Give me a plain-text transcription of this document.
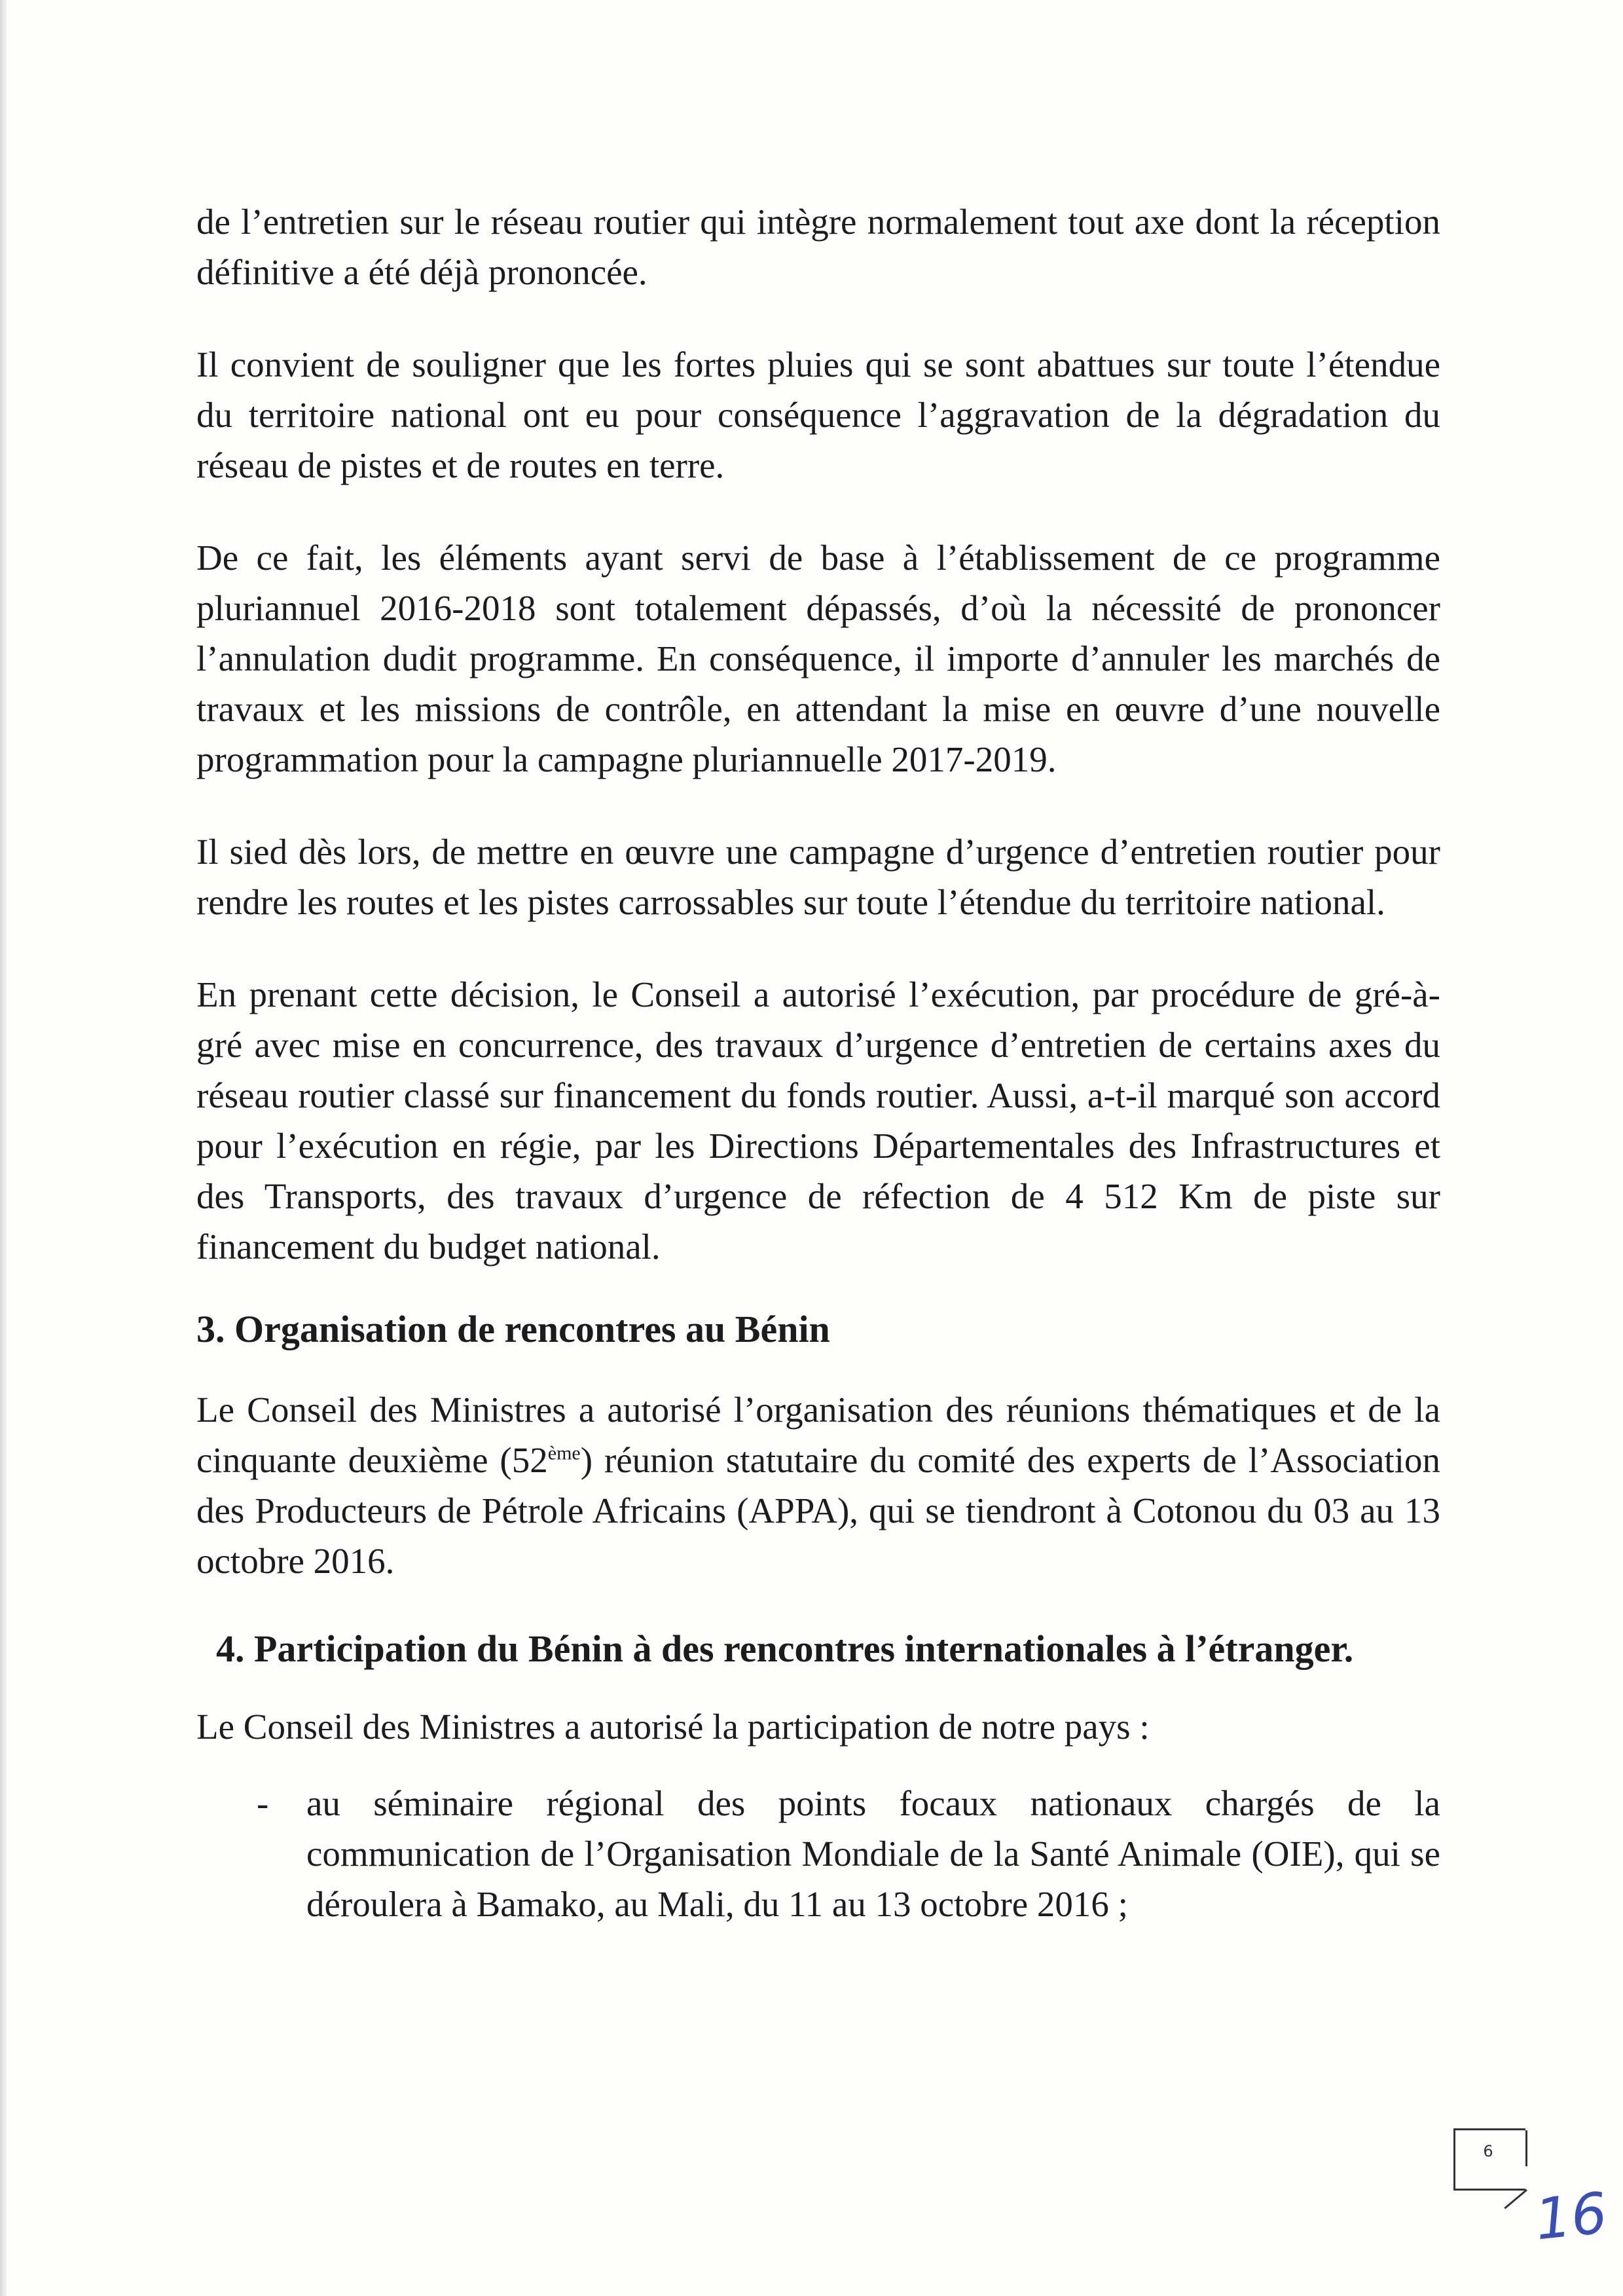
de l’entretien sur le réseau routier qui intègre normalement tout axe dont la réception définitive a été déjà prononcée.

Il convient de souligner que les fortes pluies qui se sont abattues sur toute l’étendue du territoire national ont eu pour conséquence l’aggravation de la dégradation du réseau de pistes et de routes en terre.

De ce fait, les éléments ayant servi de base à l’établissement de ce programme pluriannuel 2016-2018 sont totalement dépassés, d’où la nécessité de prononcer l’annulation dudit programme. En conséquence, il importe d’annuler les marchés de travaux et les missions de contrôle, en attendant la mise en œuvre d’une nouvelle programmation pour la campagne pluriannuelle 2017-2019.

Il sied dès lors, de mettre en œuvre une campagne d’urgence d’entretien routier pour rendre les routes et les pistes carrossables sur toute l’étendue du territoire national.

En prenant cette décision, le Conseil a autorisé l’exécution, par procédure de gré-à-gré avec mise en concurrence, des travaux d’urgence d’entretien de certains axes du réseau routier classé sur financement du fonds routier. Aussi, a-t-il marqué son accord pour l’exécution en régie, par les Directions Départementales des Infrastructures et des Transports, des travaux d’urgence de réfection de 4 512 Km de piste sur financement du budget national.

3. Organisation de rencontres au Bénin

Le Conseil des Ministres a autorisé l’organisation des réunions thématiques et de la cinquante deuxième (52ème) réunion statutaire du comité des experts de l’Association des Producteurs de Pétrole Africains (APPA), qui se tiendront à Cotonou du 03 au 13 octobre 2016.

4. Participation du Bénin à des rencontres internationales à l’étranger.

Le Conseil des Ministres a autorisé la participation de notre pays :

- au séminaire régional des points focaux nationaux chargés de la communication de l’Organisation Mondiale de la Santé Animale (OIE), qui se déroulera à Bamako, au Mali, du 11 au 13 octobre 2016 ;
6
16
